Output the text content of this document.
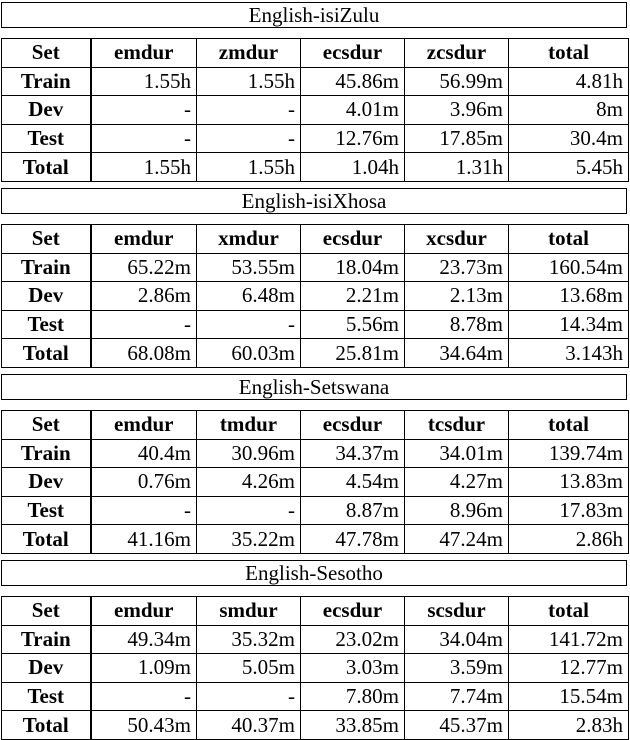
English-isiZulu
Set	emdur	zmdur	ecsdur	zcsdur	total
Train	1.55h	1.55h	45.86m	56.99m	4.81h
Dev	-	-	4.01m	3.96m	8m
Test	-	-	12.76m	17.85m	30.4m
Total	1.55h	1.55h	1.04h	1.31h	5.45h
English-isiXhosa
Set	emdur	xmdur	ecsdur	xcsdur	total
Train	65.22m	53.55m	18.04m	23.73m	160.54m
Dev	2.86m	6.48m	2.21m	2.13m	13.68m
Test	-	-	5.56m	8.78m	14.34m
Total	68.08m	60.03m	25.81m	34.64m	3.143h
English-Setswana
Set	emdur	tmdur	ecsdur	tcsdur	total
Train	40.4m	30.96m	34.37m	34.01m	139.74m
Dev	0.76m	4.26m	4.54m	4.27m	13.83m
Test	-	-	8.87m	8.96m	17.83m
Total	41.16m	35.22m	47.78m	47.24m	2.86h
English-Sesotho
Set	emdur	smdur	ecsdur	scsdur	total
Train	49.34m	35.32m	23.02m	34.04m	141.72m
Dev	1.09m	5.05m	3.03m	3.59m	12.77m
Test	-	-	7.80m	7.74m	15.54m
Total	50.43m	40.37m	33.85m	45.37m	2.83h
